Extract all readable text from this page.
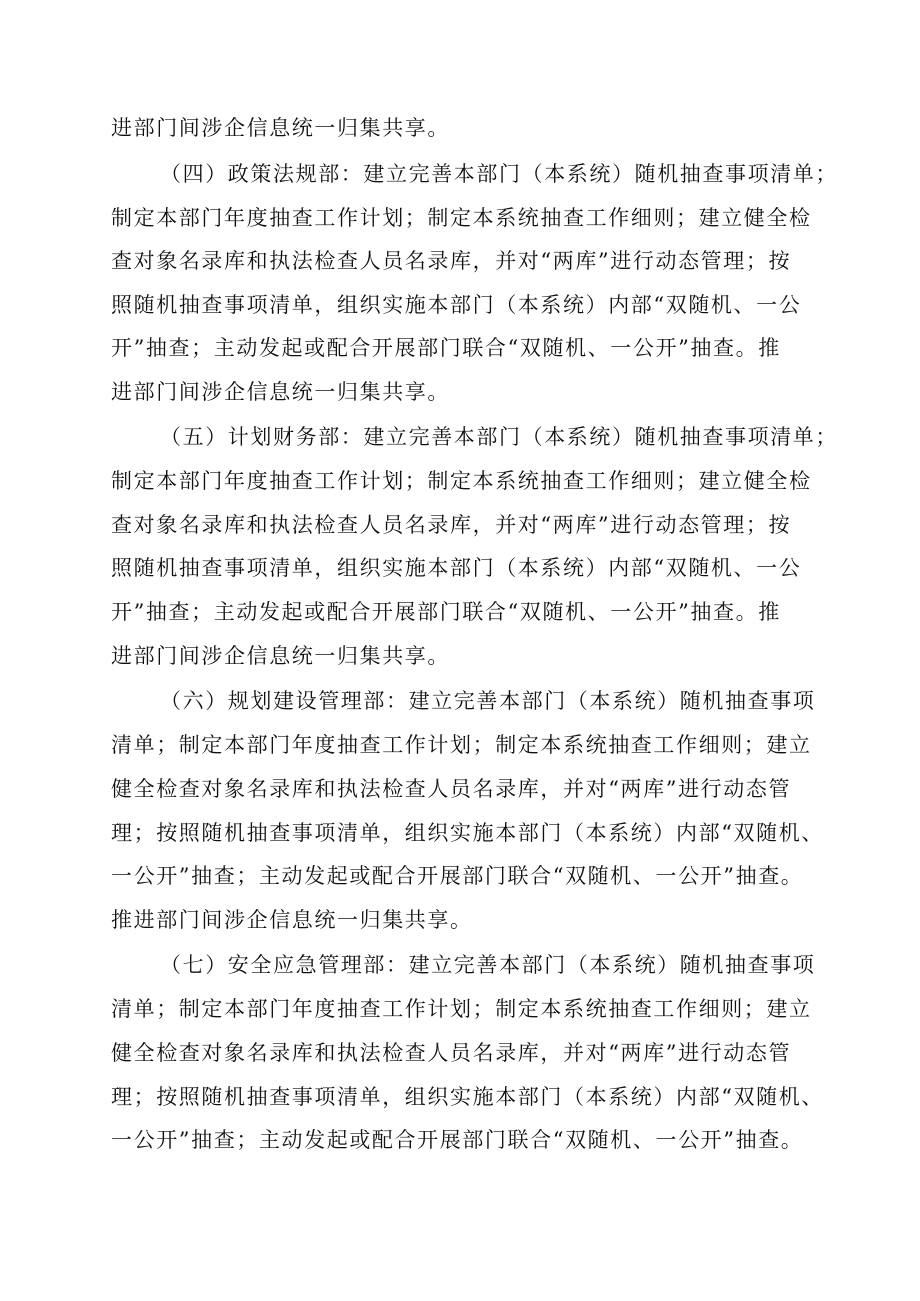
进部门间涉企信息统一归集共享。
（四）政策法规部：建立完善本部门（本系统）随机抽查事项清单；
制定本部门年度抽查工作计划；制定本系统抽查工作细则；建立健全检
查对象名录库和执法检查人员名录库，并对“两库”进行动态管理；按
照随机抽查事项清单，组织实施本部门（本系统）内部“双随机、一公
开”抽查；主动发起或配合开展部门联合“双随机、一公开”抽查。推
进部门间涉企信息统一归集共享。
（五）计划财务部：建立完善本部门（本系统）随机抽查事项清单；
制定本部门年度抽查工作计划；制定本系统抽查工作细则；建立健全检
查对象名录库和执法检查人员名录库，并对“两库”进行动态管理；按
照随机抽查事项清单，组织实施本部门（本系统）内部“双随机、一公
开”抽查；主动发起或配合开展部门联合“双随机、一公开”抽查。推
进部门间涉企信息统一归集共享。
（六）规划建设管理部：建立完善本部门（本系统）随机抽查事项
清单；制定本部门年度抽查工作计划；制定本系统抽查工作细则；建立
健全检查对象名录库和执法检查人员名录库，并对“两库”进行动态管
理；按照随机抽查事项清单，组织实施本部门（本系统）内部“双随机、
一公开”抽查；主动发起或配合开展部门联合“双随机、一公开”抽查。
推进部门间涉企信息统一归集共享。
（七）安全应急管理部：建立完善本部门（本系统）随机抽查事项
清单；制定本部门年度抽查工作计划；制定本系统抽查工作细则；建立
健全检查对象名录库和执法检查人员名录库，并对“两库”进行动态管
理；按照随机抽查事项清单，组织实施本部门（本系统）内部“双随机、
一公开”抽查；主动发起或配合开展部门联合“双随机、一公开”抽查。
